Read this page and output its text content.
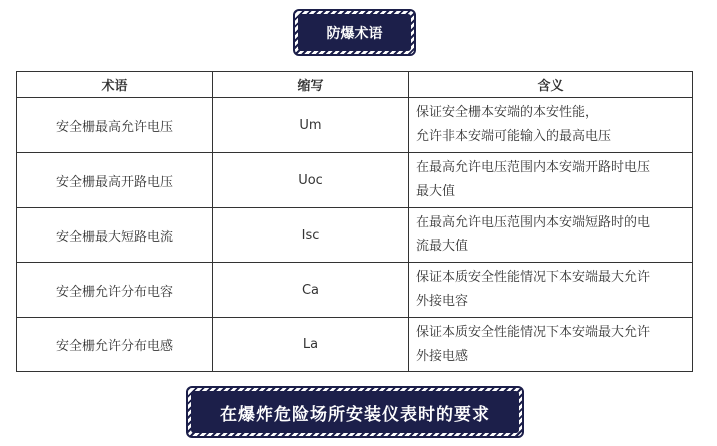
防爆术语
术语	缩写	含义
安全栅最高允许电压	Um	保证安全栅本安端的本安性能，
允许非本安端可能输入的最高电压

安全栅最高开路电压	Uoc	在最高允许电压范围内本安端开路时电压
最大值

安全栅最大短路电流	Isc	在最高允许电压范围内本安端短路时的电
流最大值

安全栅允许分布电容	Ca	保证本质安全性能情况下本安端最大允许
外接电容

安全栅允许分布电感	La	保证本质安全性能情况下本安端最大允许
外接电感
在爆炸危险场所安装仪表时的要求
